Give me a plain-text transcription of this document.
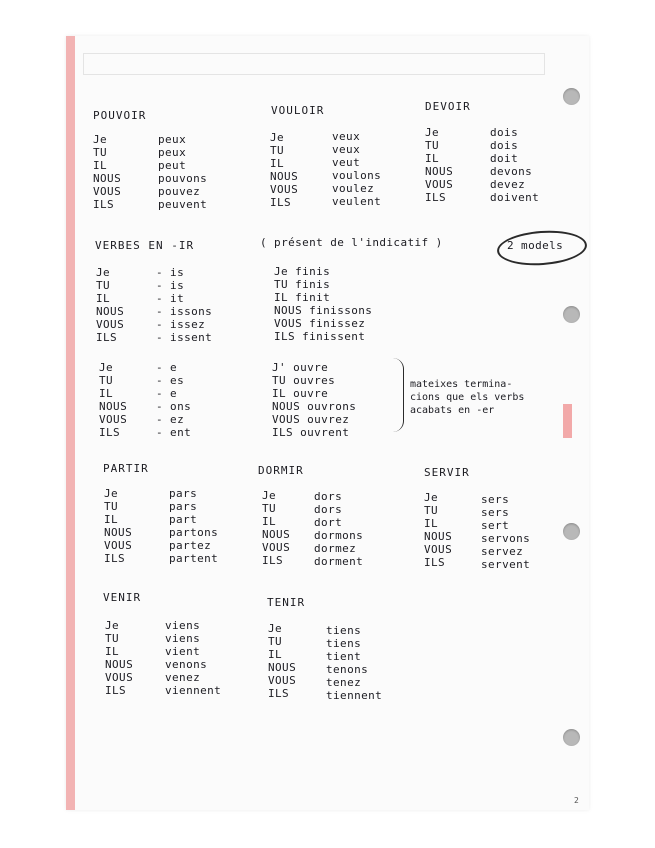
POUVOIR
Je
TU
IL
NOUS
VOUS
ILS
peux
peux
peut
pouvons
pouvez
peuvent
VOULOIR
Je
TU
IL
NOUS
VOUS
ILS
veux
veux
veut
voulons
voulez
veulent
DEVOIR
Je
TU
IL
NOUS
VOUS
ILS
dois
dois
doit
devons
devez
doivent
VERBES EN -IR	( présent de l'indicatif )	2 models
Je
TU
IL
NOUS
VOUS
ILS
- is
- is
- it
- issons
- issez
- issent
Je finis
TU finis
IL finit
NOUS finissons
VOUS finissez
ILS finissent
Je
TU
IL
NOUS
VOUS
ILS
- e
- es
- e
- ons
- ez
- ent
J' ouvre
TU ouvres
IL ouvre
NOUS ouvrons
VOUS ouvrez
ILS ouvrent
mateixes termina-
cions que els verbs
acabats en -er
PARTIR
Je
TU
IL
NOUS
VOUS
ILS
pars
pars
part
partons
partez
partent
DORMIR
Je
TU
IL
NOUS
VOUS
ILS
dors
dors
dort
dormons
dormez
dorment
SERVIR
Je
TU
IL
NOUS
VOUS
ILS
sers
sers
sert
servons
servez
servent
VENIR
Je
TU
IL
NOUS
VOUS
ILS
viens
viens
vient
venons
venez
viennent
TENIR
Je
TU
IL
NOUS
VOUS
ILS
tiens
tiens
tient
tenons
tenez
tiennent
2
